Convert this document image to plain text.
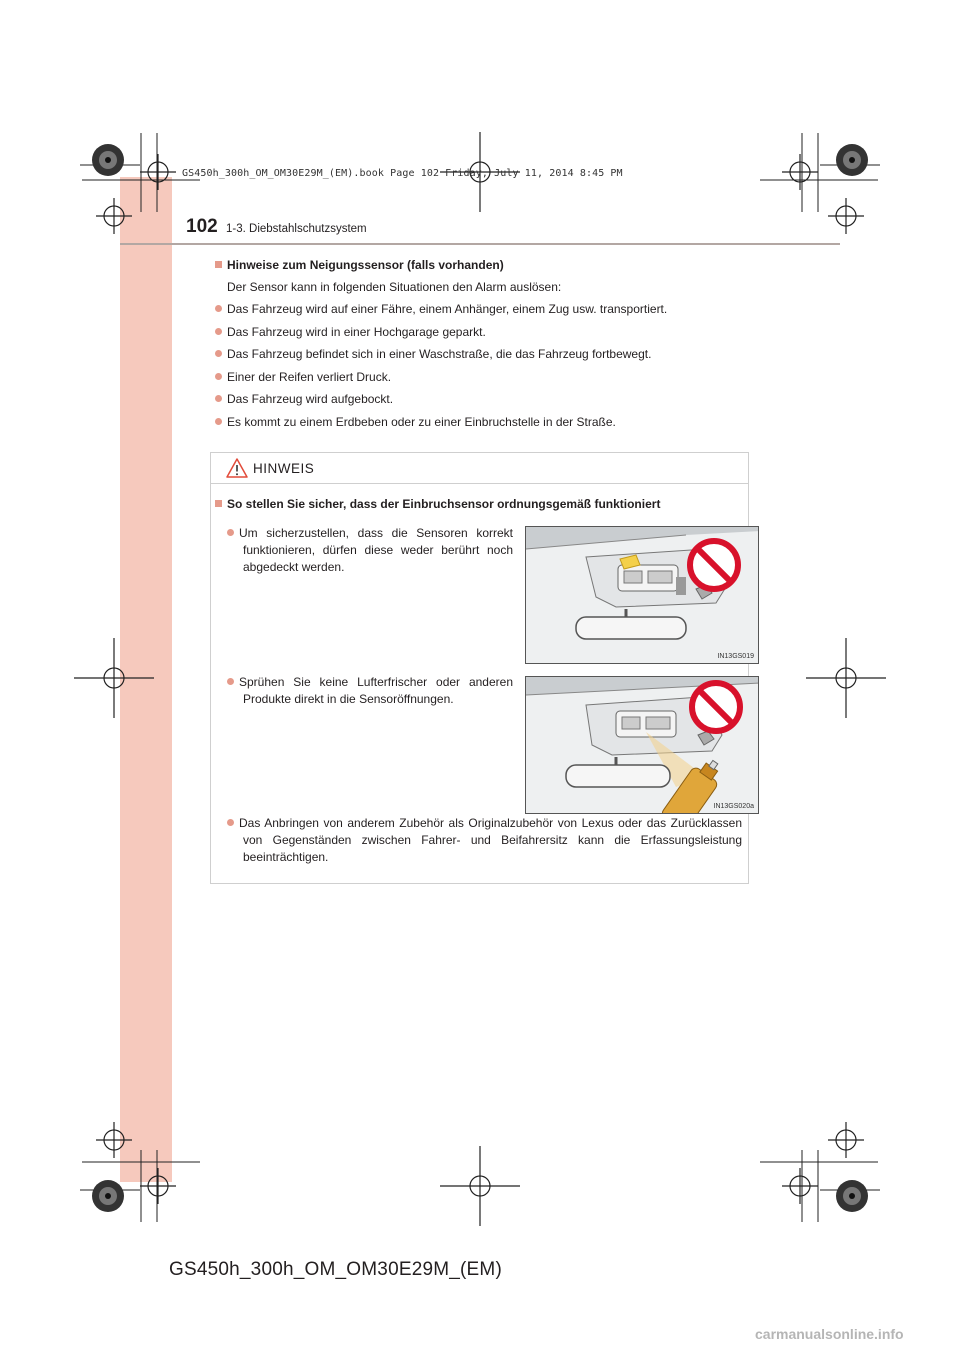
GS450h_300h_OM_OM30E29M_(EM).book Page 102 Friday, July 11, 2014 8:45 PM
102 1-3. Diebstahlschutzsystem
Hinweise zum Neigungssensor (falls vorhanden)
Der Sensor kann in folgenden Situationen den Alarm auslösen:
Das Fahrzeug wird auf einer Fähre, einem Anhänger, einem Zug usw. transportiert.
Das Fahrzeug wird in einer Hochgarage geparkt.
Das Fahrzeug befindet sich in einer Waschstraße, die das Fahrzeug fortbewegt.
Einer der Reifen verliert Druck.
Das Fahrzeug wird aufgebockt.
Es kommt zu einem Erdbeben oder zu einer Einbruchstelle in der Straße.
HINWEIS
So stellen Sie sicher, dass der Einbruchsensor ordnungsgemäß funktioniert
Um sicherzustellen, dass die Sensoren korrekt funktionieren, dürfen diese weder berührt noch abgedeckt werden.
Sprühen Sie keine Lufterfrischer oder anderen Produkte direkt in die Sensoröffnungen.
Das Anbringen von anderem Zubehör als Originalzubehör von Lexus oder das Zurücklassen von Gegenständen zwischen Fahrer- und Beifahrersitz kann die Erfassungsleistung beeinträchtigen.
IN13GS019
IN13GS020a
GS450h_300h_OM_OM30E29M_(EM)
carmanualsonline.info
